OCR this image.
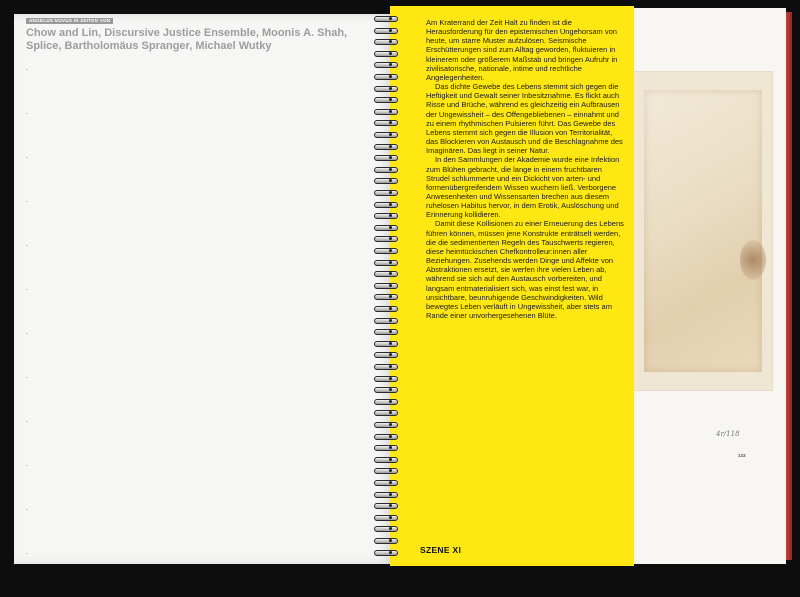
ANGELUS NOVUS IN ZEITEN VON
Chow and Lin, Discursive Justice Ensemble, Moonis A. Shah, Splice, Bartholomäus Spranger, Michael Wutky
4r/118
133

Am Kraterrand der Zeit Halt zu finden ist die Herausforderung für den epistemischen Ungehorsam von heute, um starre Muster aufzulösen. Seismische Erschütterungen sind zum Alltag geworden, fluktuieren in kleinerem oder größerem Maßstab und bringen Aufruhr in zivilisatorische, nationale, intime und rechtliche Angelegenheiten.

Das dichte Gewebe des Lebens stemmt sich gegen die Heftigkeit und Gewalt seiner Inbesitznahme. Es flickt auch Risse und Brüche, während es gleichzeitig ein Aufbrausen der Ungewissheit – des Offengebliebenen – einnahmt und zu einem rhythmischen Pulsieren führt. Das Gewebe des Lebens stemmt sich gegen die Illusion von Territorialität, das Blockieren von Austausch und die Beschlagnahme des Imaginären. Das liegt in seiner Natur.

In den Sammlungen der Akademie wurde eine Infektion zum Blühen gebracht, die lange in einem fruchtbaren Strudel schlummerte und ein Dickicht von arten- und formenübergreifendem Wissen wuchern ließ. Verborgene Anwesenheiten und Wissensarten brechen aus diesem ruhelosen Habitus hervor, in dem Erotik, Auslöschung und Erinnerung kollidieren.

Damit diese Kollisionen zu einer Erneuerung des Lebens führen können, müssen jene Konstrukte enträtselt werden, die die sedimentierten Regeln des Tauschwerts regieren, diese heimtückischen Chefkontrolleur:innen aller Beziehungen. Zusehends werden Dinge und Affekte von Abstraktionen ersetzt, sie werfen ihre vielen Leben ab, während sie sich auf den Austausch vorbereiten, und langsam entmaterialisiert sich, was einst fest war, in unsichtbare, beunruhigende Geschwindigkeiten. Wild bewegtes Leben verläuft in Ungewissheit, aber stets am Rande einer unvorhergesehenen Blüte.

SZENE XI
